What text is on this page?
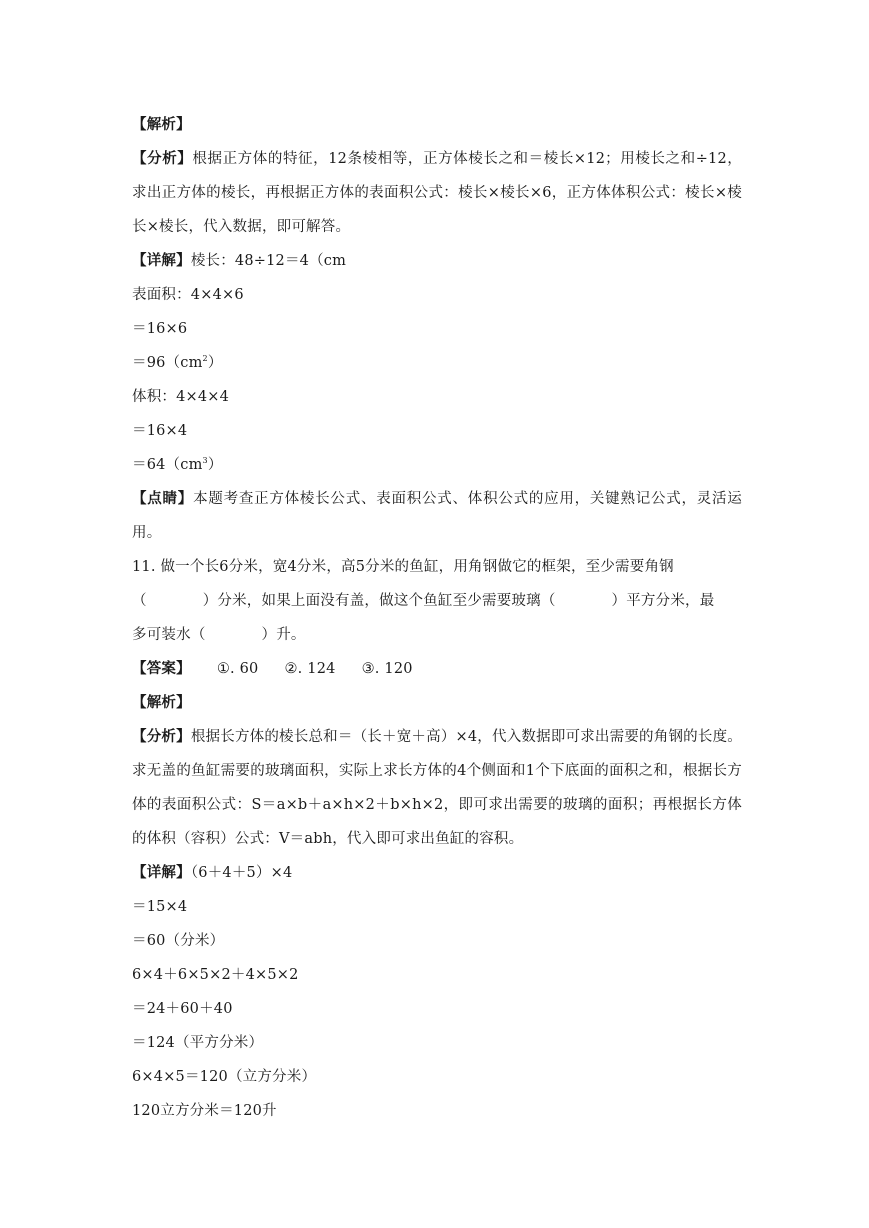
【解析】
【分析】根据正方体的特征，12条棱相等，正方体棱长之和＝棱长×12；用棱长之和÷12，求出正方体的棱长，再根据正方体的表面积公式：棱长×棱长×6，正方体体积公式：棱长×棱长×棱长，代入数据，即可解答。
【详解】棱长：48÷12＝4（cm
表面积：4×4×6
＝16×6
$=96(cm^2)$
体积：4×4×4
＝16×4
$=64(cm^3)$
【点睛】本题考查正方体棱长公式、表面积公式、体积公式的应用，关键熟记公式，灵活运用。
11. 做一个长6分米，宽4分米，高5分米的鱼缸，用角钢做它的框架，至少需要角钢
（	）分米，如果上面没有盖，做这个鱼缸至少需要玻璃（	）平方分米，最
多可装水（	）升。
【答案】 ①. 60 ②. 124 ③. 120
【解析】
【分析】根据长方体的棱长总和＝（长＋宽＋高）×4，代入数据即可求出需要的角钢的长度。求无盖的鱼缸需要的玻璃面积，实际上求长方体的4个侧面和1个下底面的面积之和，根据长方体的表面积公式：S＝a×b＋a×h×2＋b×h×2，即可求出需要的玻璃的面积；再根据长方体的体积（容积）公式：V＝abh，代入即可求出鱼缸的容积。
【详解】（6＋4＋5）×4
＝15×4
＝60（分米）
6×4＋6×5×2＋4×5×2
＝24＋60＋40
＝124（平方分米）
6×4×5＝120（立方分米）
120立方分米＝120升
